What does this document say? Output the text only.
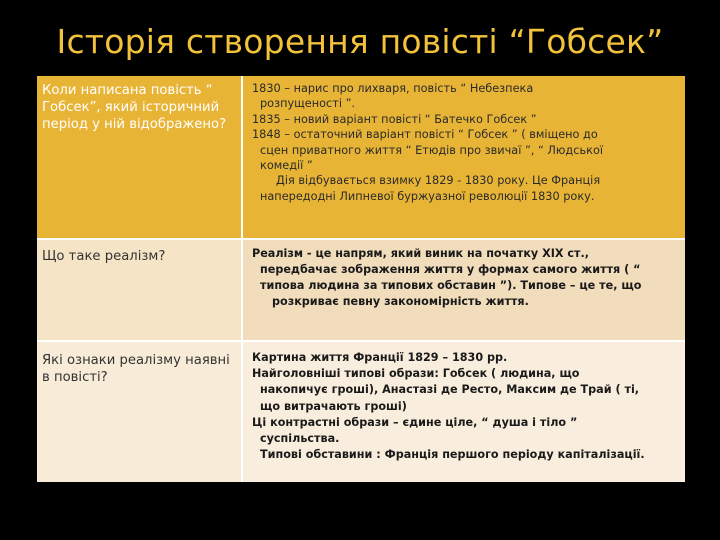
Історія створення повісті “Гобсек”
Коли написана повість “ Гобсек”, який історичний період у ній відображено?
1830 – нарис про лихваря, повість “ Небезпека
розпущеності ”.
1835 – новий варіант повісті “ Батечко Гобсек ”
1848 – остаточний варіант повісті “ Гобсек ” ( вміщено до
сцен приватного життя “ Етюдів про звичаї ”, “ Людської
комедії ”
Дія відбувається взимку 1829 - 1830 року. Це Франція
напередодні Липневої буржуазної революції 1830 року.
Що таке реалізм?	Реалізм - це напрям, який виник на початку XIX ст.,
передбачає зображення життя у формах самого життя ( “
типова людина за типових обставин ”). Типове – це те, що
розкриває певну закономірність життя.
Які ознаки реалізму наявні в повісті?
Картина життя Франції 1829 – 1830 рр.
Найголовніші типові образи: Гобсек ( людина, що
накопичує гроші), Анастазі де Ресто, Максим де Трай ( ті,
що витрачають гроші)
Ці контрастні образи – єдине ціле, “ душа і тіло ”
суспільства.
Типові обставини : Франція першого періоду капіталізації.
